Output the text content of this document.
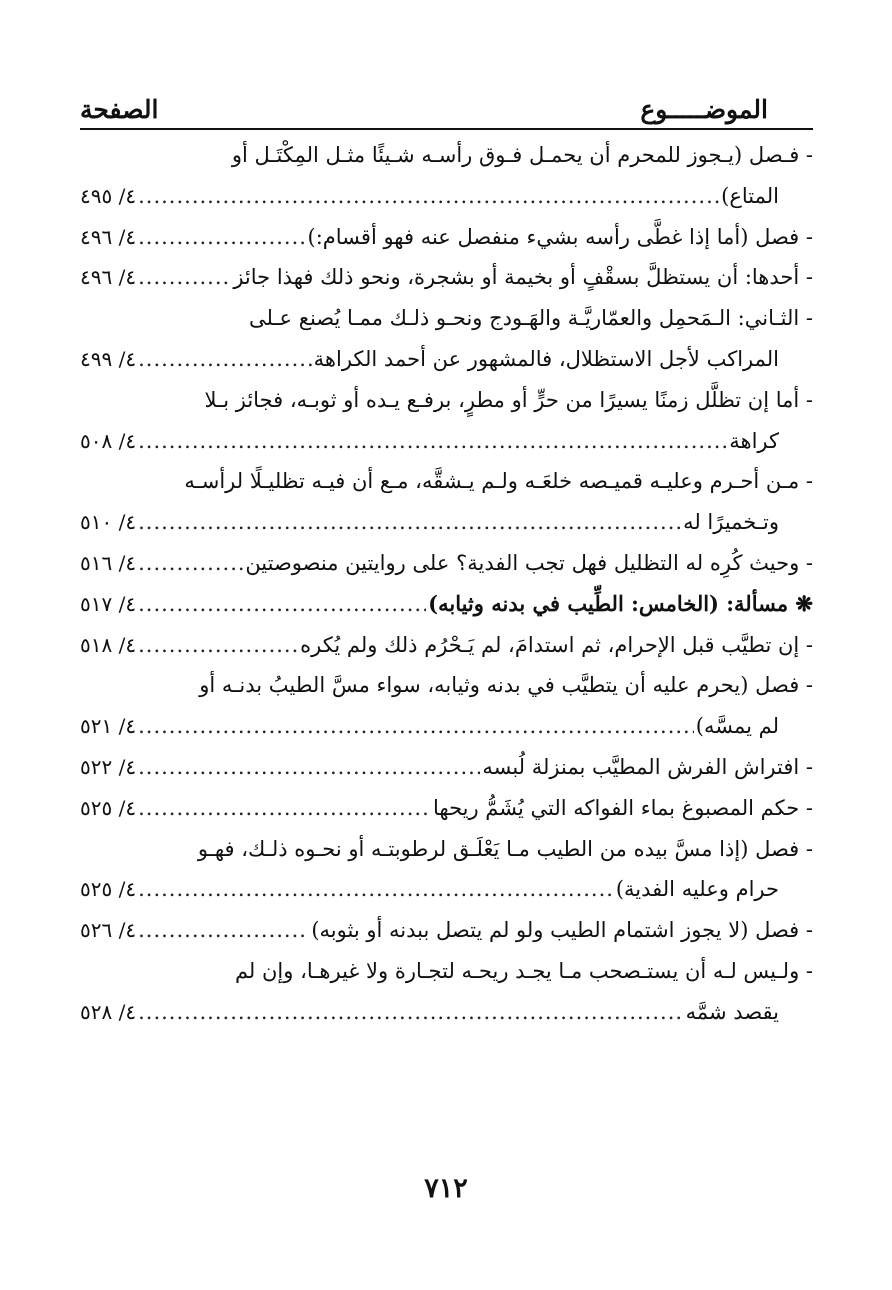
الموضـــــوع
الصفحة
- فـصل (يـجوز للمحرم أن يحمـل فـوق رأسـه شـيئًا مثـل المِكْتَـل أو
المتاع)
.....
٤/ ٤٩٥
- فصل (أما إذا غطَّى رأسه بشيء منفصل عنه فهو أقسام:)
.....
٤/ ٤٩٦
- أحدها: أن يستظلَّ بسقْفٍ أو بخيمة أو بشجرة، ونحو ذلك فهذا جائز
.....
٤/ ٤٩٦
- الثـاني: الـمَحمِل والعمّاريَّـة والهَـودج ونحـو ذلـك ممـا يُصنع عـلى
المراكب لأجل الاستظلال، فالمشهور عن أحمد الكراهة
.....
٤/ ٤٩٩
- أما إن تظلَّل زمنًا يسيرًا من حرٍّ أو مطرٍ، برفـع يـده أو ثوبـه، فجائز بـلا
كراهة
.....
٤/ ٥٠٨
- مـن أحـرم وعليـه قميـصه خلعَـه ولـم يـشقَّه، مـع أن فيـه تظليـلًا لرأسـه
وتـخميرًا له
.....
٤/ ٥١٠
- وحيث كُرِه له التظليل فهل تجب الفدية؟ على روايتين منصوصتين
.....
٤/ ٥١٦
❋ مسألة: (الخامس: الطِّيب في بدنه وثيابه)
.....
٤/ ٥١٧
- إن تطيَّب قبل الإحرام، ثم استدامَ، لم يَـحْرُم ذلك ولم يُكره
.....
٤/ ٥١٨
- فصل (يحرم عليه أن يتطيَّب في بدنه وثيابه، سواء مسَّ الطيبُ بدنـه أو
لم يمسَّه)
.....
٤/ ٥٢١
- افتراش الفرش المطيَّب بمنزلة لُبسه
.....
٤/ ٥٢٢
- حكم المصبوغ بماء الفواكه التي يُشَمُّ ريحها
.....
٤/ ٥٢٥
- فصل (إذا مسَّ بيده من الطيب مـا يَعْلَـق لرطوبتـه أو نحـوه ذلـك، فهـو
حرام وعليه الفدية)
.....
٤/ ٥٢٥
- فصل (لا يجوز اشتمام الطيب ولو لم يتصل ببدنه أو بثوبه)
.....
٤/ ٥٢٦
- ولـيس لـه أن يستـصحب مـا يجـد ريحـه لتجـارة ولا غيرهـا، وإن لم
يقصد شمَّه
.....
٤/ ٥٢٨
٧١٢
